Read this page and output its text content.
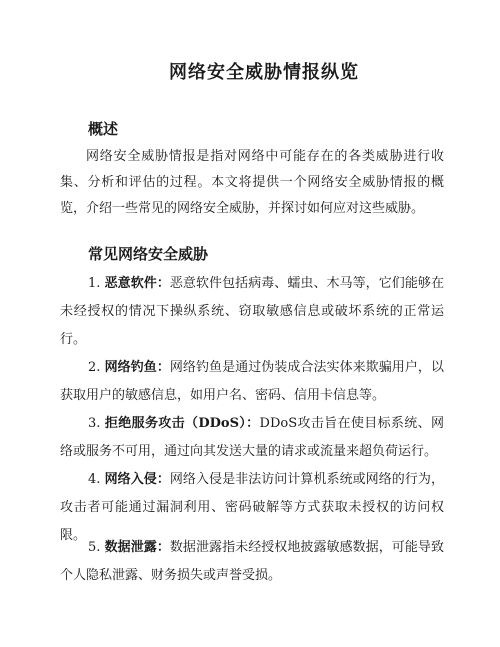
网络安全威胁情报纵览
概述
网络安全威胁情报是指对网络中可能存在的各类威胁进行收集、分析和评估的过程。本文将提供一个网络安全威胁情报的概览，介绍一些常见的网络安全威胁，并探讨如何应对这些威胁。
常见网络安全威胁
1. 恶意软件：恶意软件包括病毒、蠕虫、木马等，它们能够在未经授权的情况下操纵系统、窃取敏感信息或破坏系统的正常运行。
2. 网络钓鱼：网络钓鱼是通过伪装成合法实体来欺骗用户，以获取用户的敏感信息，如用户名、密码、信用卡信息等。
3. 拒绝服务攻击（DDoS）：DDoS攻击旨在使目标系统、网络或服务不可用，通过向其发送大量的请求或流量来超负荷运行。
4. 网络入侵：网络入侵是非法访问计算机系统或网络的行为，攻击者可能通过漏洞利用、密码破解等方式获取未授权的访问权限。
5. 数据泄露：数据泄露指未经授权地披露敏感数据，可能导致个人隐私泄露、财务损失或声誉受损。
